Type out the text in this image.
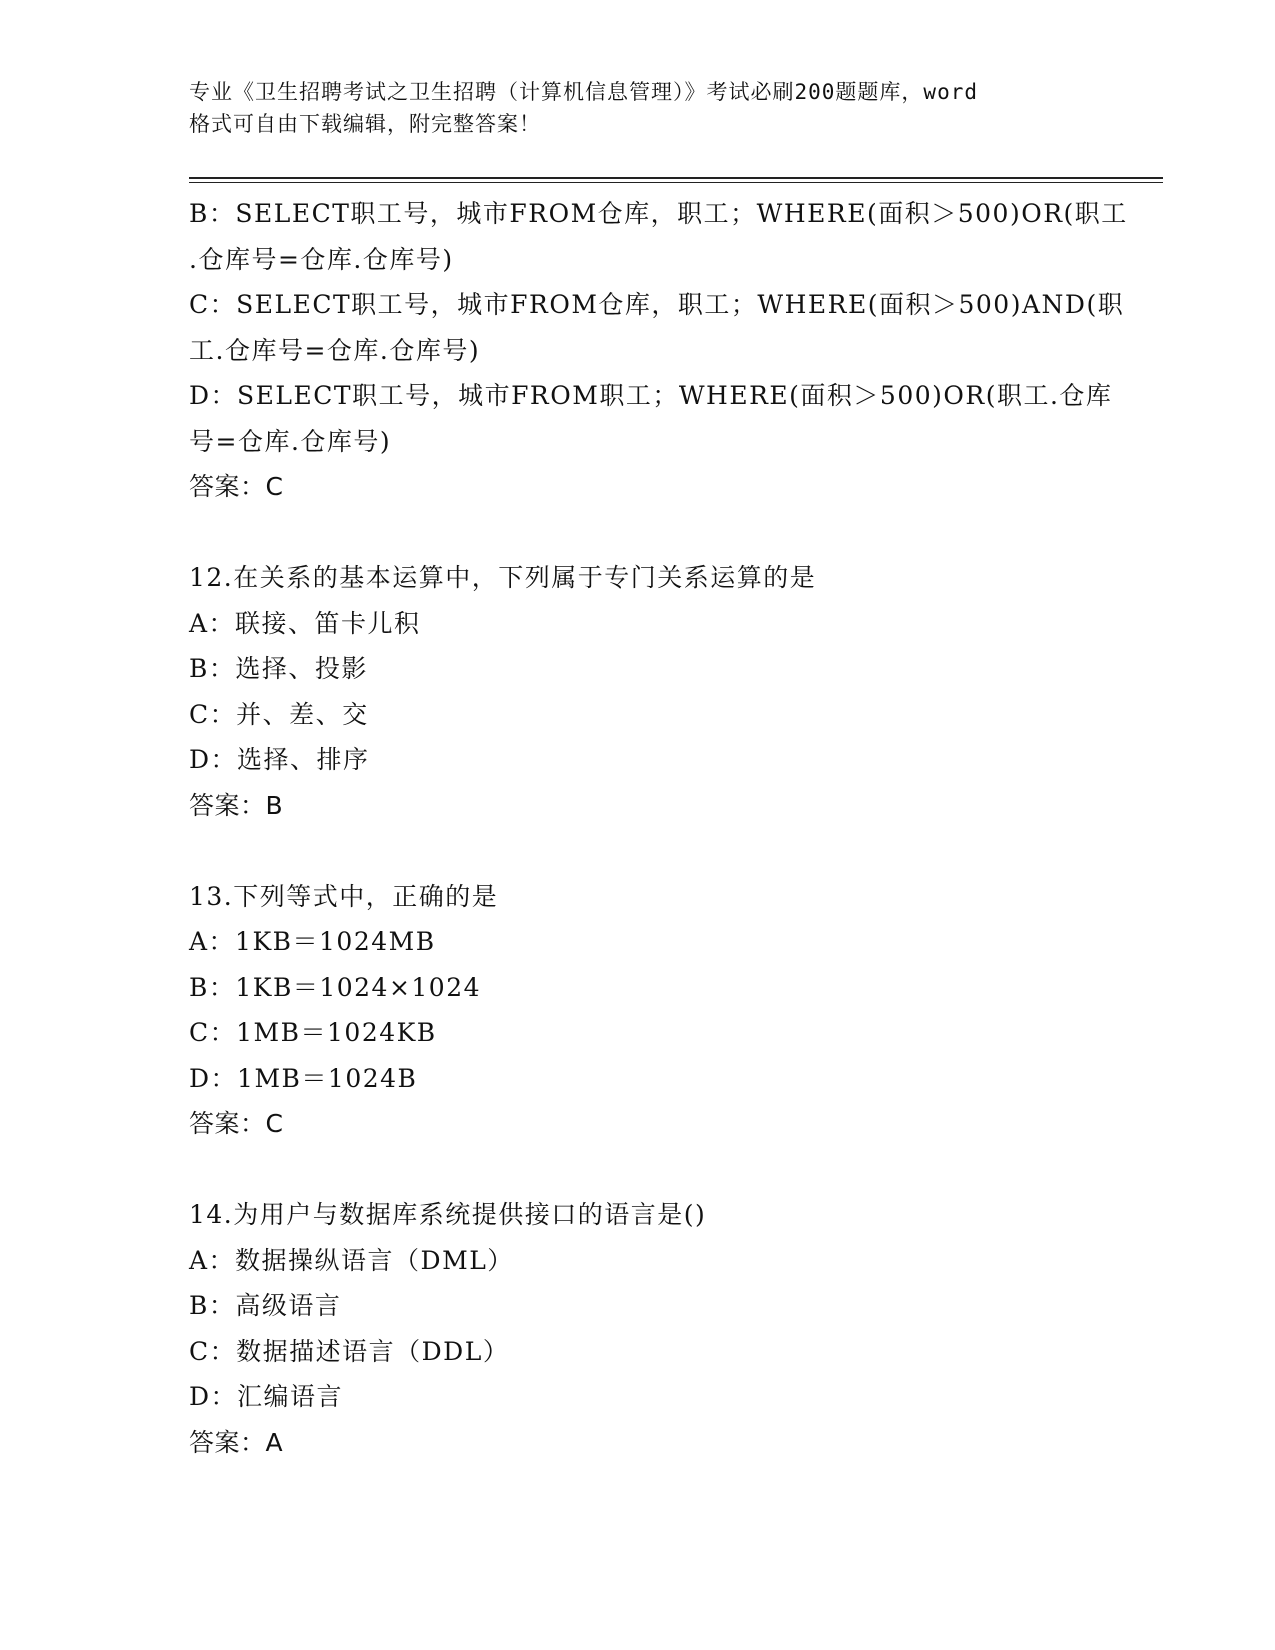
专业《卫生招聘考试之卫生招聘（计算机信息管理）》考试必刷200题题库，word
格式可自由下载编辑，附完整答案！
B：SELECT职工号，城市FROM仓库，职工；WHERE(面积＞500)OR(职工
.仓库号=仓库.仓库号)
C：SELECT职工号，城市FROM仓库，职工；WHERE(面积＞500)AND(职
工.仓库号=仓库.仓库号)
D：SELECT职工号，城市FROM职工；WHERE(面积＞500)OR(职工.仓库
号=仓库.仓库号)
答案：C
12.在关系的基本运算中，下列属于专门关系运算的是
A：联接、笛卡儿积
B：选择、投影
C：并、差、交
D：选择、排序
答案：B
13.下列等式中，正确的是
A：1KB＝1024MB
B：1KB＝1024×1024
C：1MB＝1024KB
D：1MB＝1024B
答案：C
14.为用户与数据库系统提供接口的语言是()
A：数据操纵语言（DML）
B：高级语言
C：数据描述语言（DDL）
D：汇编语言
答案：A
